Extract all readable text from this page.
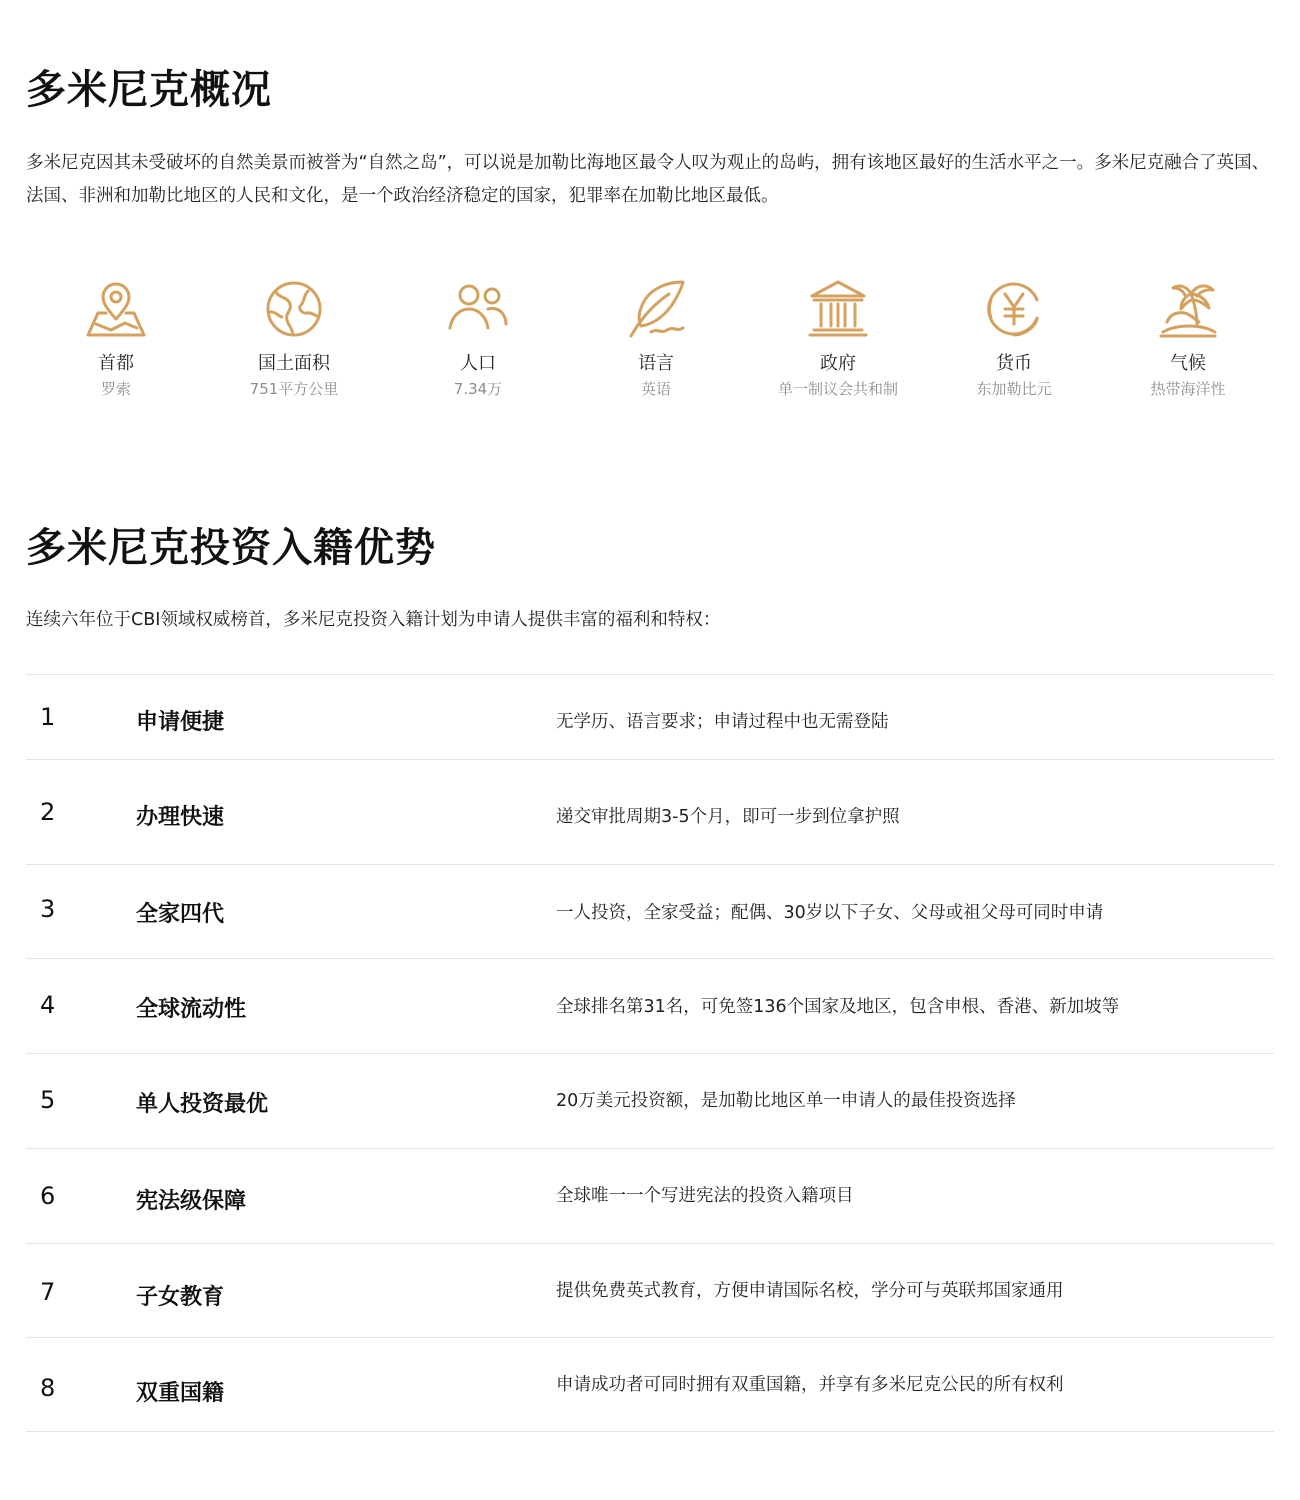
多米尼克概况

多米尼克因其未受破坏的自然美景而被誉为“自然之岛”，可以说是加勒比海地区最令人叹为观止的岛屿，拥有该地区最好的生活水平之一。多米尼克融合了英国、法国、非洲和加勒比地区的人民和文化，是一个政治经济稳定的国家，犯罪率在加勒比地区最低。

首都
罗索
国土面积
751平方公里
人口
7.34万
语言
英语
政府
单一制议会共和制
货币
东加勒比元
气候
热带海洋性
多米尼克投资入籍优势

连续六年位于CBI领域权威榜首，多米尼克投资入籍计划为申请人提供丰富的福利和特权：

1	申请便捷	无学历、语言要求；申请过程中也无需登陆
2	办理快速	递交审批周期3-5个月，即可一步到位拿护照
3	全家四代	一人投资，全家受益；配偶、30岁以下子女、父母或祖父母可同时申请
4	全球流动性	全球排名第31名，可免签136个国家及地区，包含申根、香港、新加坡等
5	单人投资最优	20万美元投资额，是加勒比地区单一申请人的最佳投资选择
6	宪法级保障	全球唯一一个写进宪法的投资入籍项目
7	子女教育	提供免费英式教育，方便申请国际名校，学分可与英联邦国家通用
8	双重国籍	申请成功者可同时拥有双重国籍，并享有多米尼克公民的所有权利
